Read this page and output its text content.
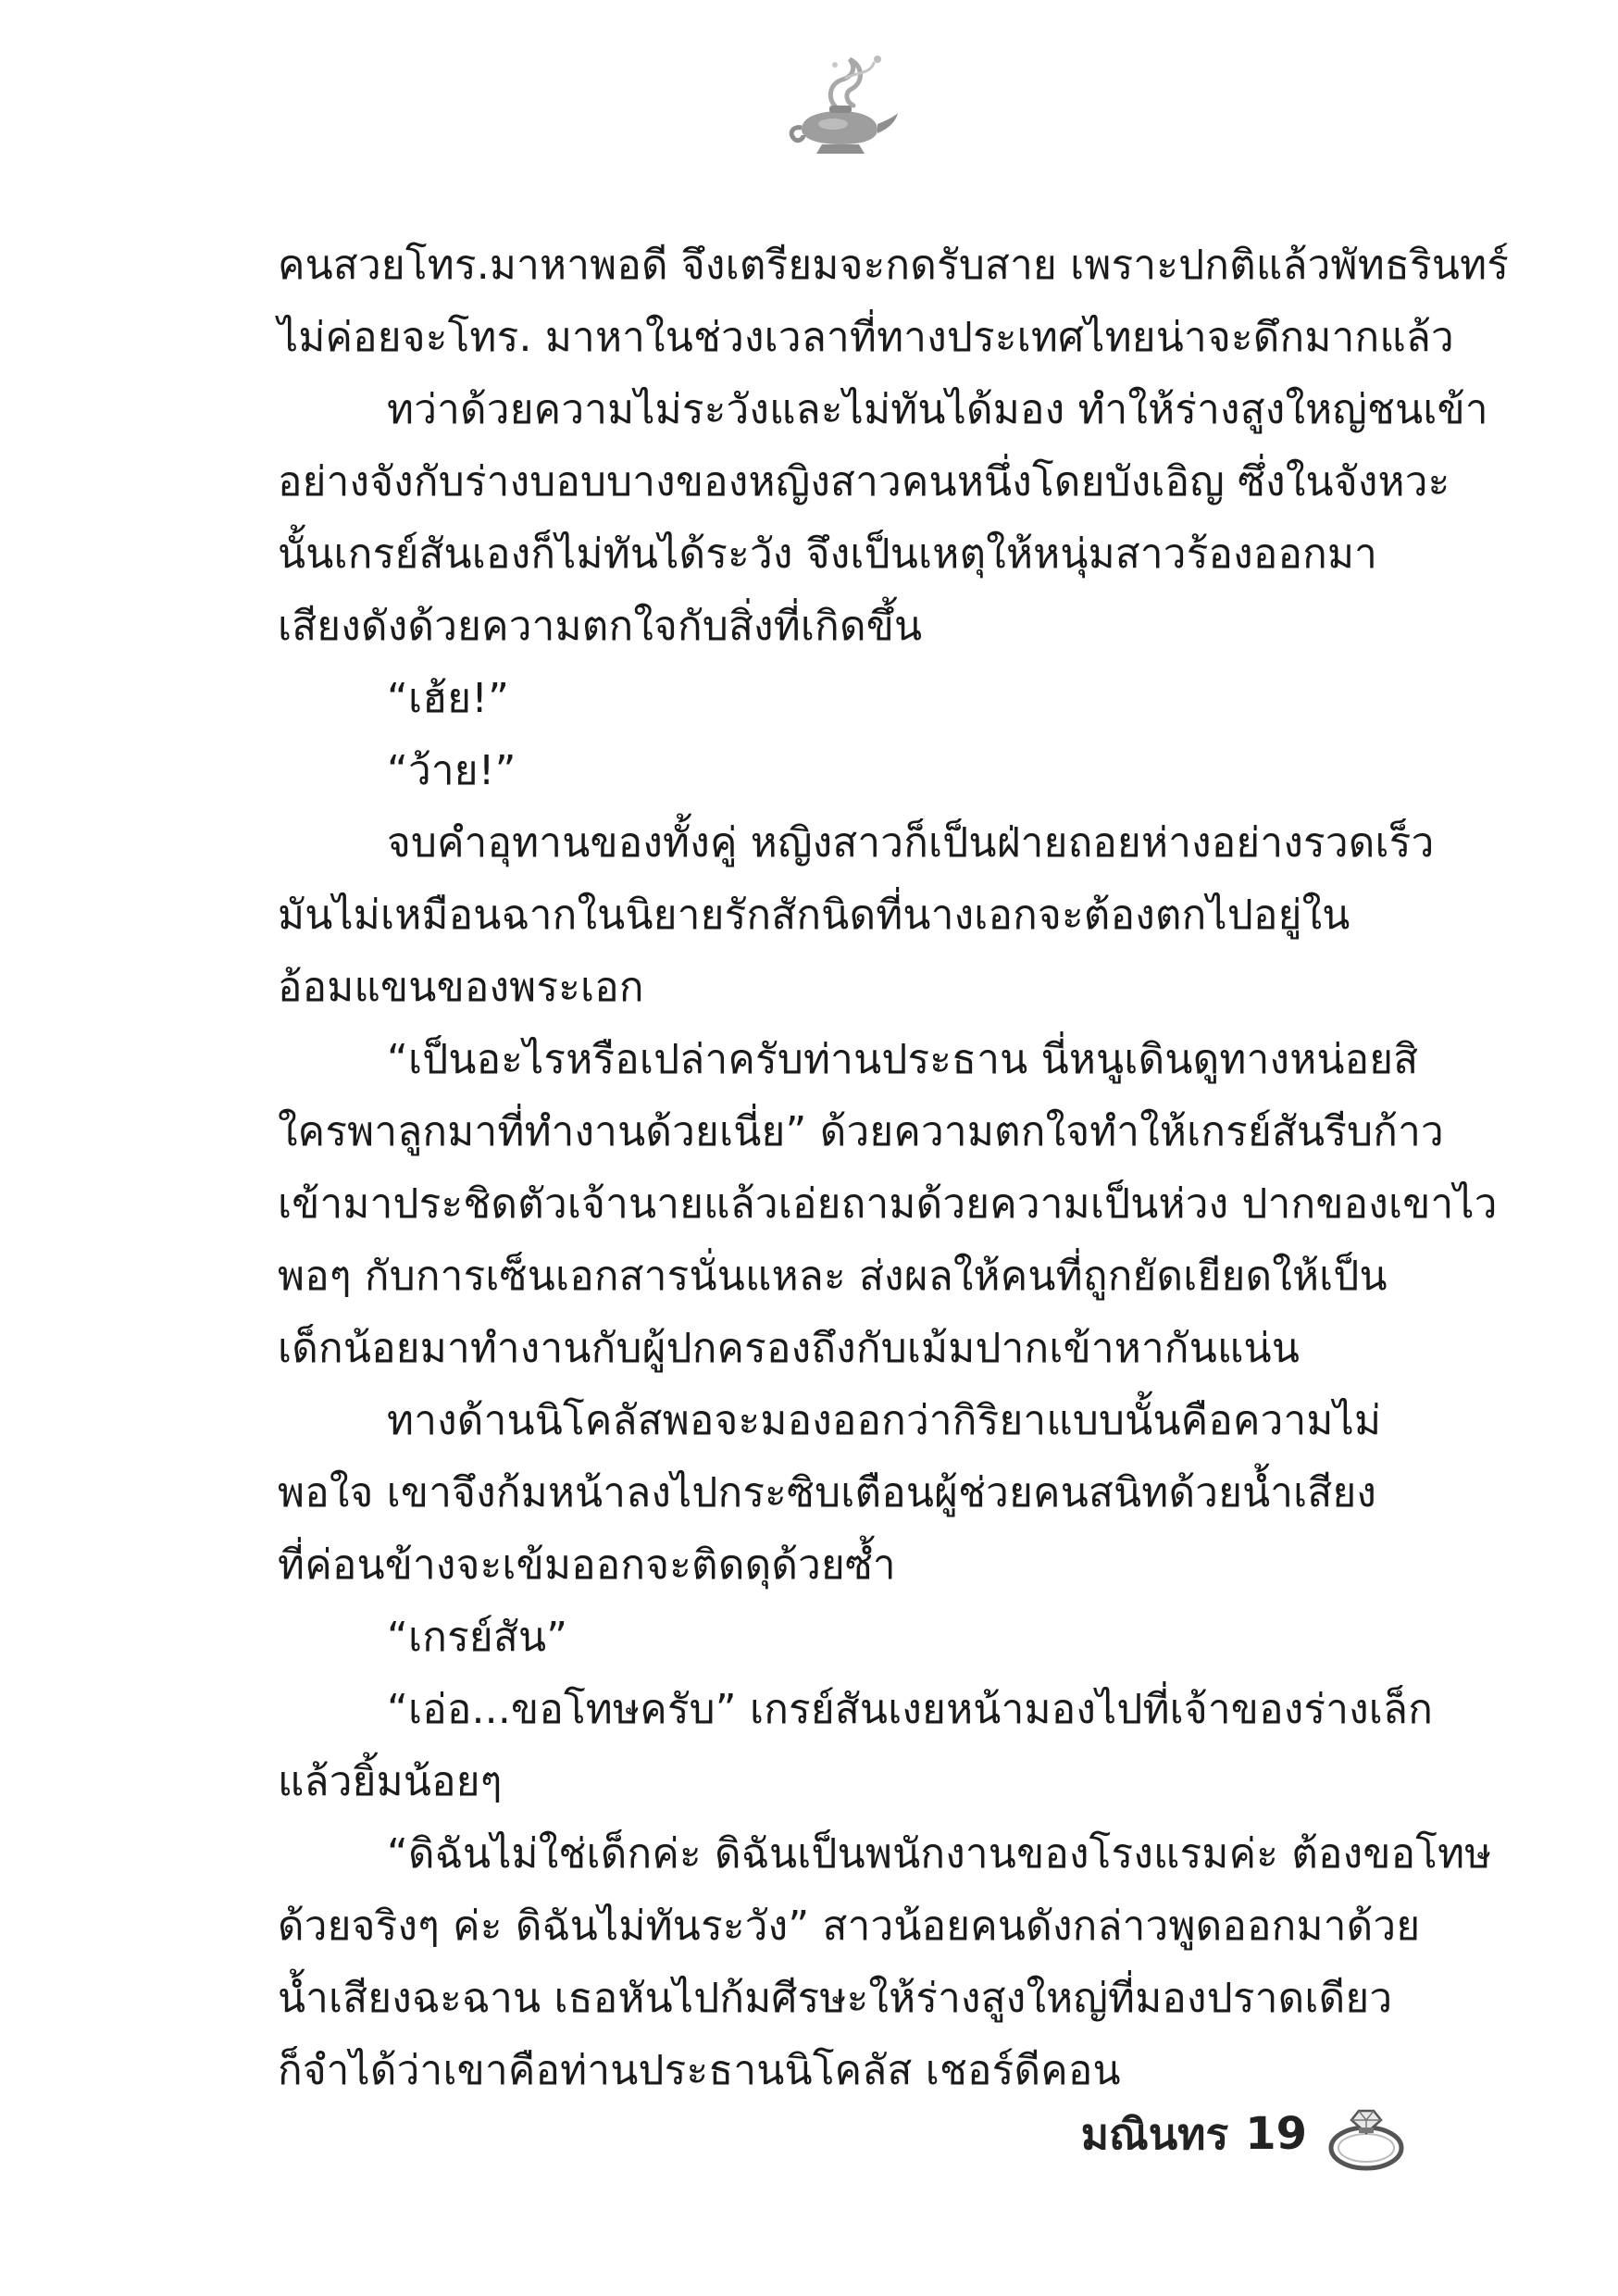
คนสวยโทร.มาหาพอดี จึงเตรียมจะกดรับสาย เพราะปกติแล้วพัทธรินทร์
ไม่ค่อยจะโทร. มาหาในช่วงเวลาที่ทางประเทศไทยน่าจะดึกมากแล้ว
ทว่าด้วยความไม่ระวังและไม่ทันได้มอง ทำให้ร่างสูงใหญ่ชนเข้า
อย่างจังกับร่างบอบบางของหญิงสาวคนหนึ่งโดยบังเอิญ ซึ่งในจังหวะ
นั้นเกรย์สันเองก็ไม่ทันได้ระวัง จึงเป็นเหตุให้หนุ่มสาวร้องออกมา
เสียงดังด้วยความตกใจกับสิ่งที่เกิดขึ้น
“เฮ้ย!”
“ว้าย!”
จบคำอุทานของทั้งคู่ หญิงสาวก็เป็นฝ่ายถอยห่างอย่างรวดเร็ว
มันไม่เหมือนฉากในนิยายรักสักนิดที่นางเอกจะต้องตกไปอยู่ใน
อ้อมแขนของพระเอก
“เป็นอะไรหรือเปล่าครับท่านประธาน นี่หนูเดินดูทางหน่อยสิ
ใครพาลูกมาที่ทำงานด้วยเนี่ย” ด้วยความตกใจทำให้เกรย์สันรีบก้าว
เข้ามาประชิดตัวเจ้านายแล้วเอ่ยถามด้วยความเป็นห่วง ปากของเขาไว
พอๆ กับการเซ็นเอกสารนั่นแหละ ส่งผลให้คนที่ถูกยัดเยียดให้เป็น
เด็กน้อยมาทำงานกับผู้ปกครองถึงกับเม้มปากเข้าหากันแน่น
ทางด้านนิโคลัสพอจะมองออกว่ากิริยาแบบนั้นคือความไม่
พอใจ เขาจึงก้มหน้าลงไปกระซิบเตือนผู้ช่วยคนสนิทด้วยน้ำเสียง
ที่ค่อนข้างจะเข้มออกจะติดดุด้วยซ้ำ
“เกรย์สัน”
“เอ่อ...ขอโทษครับ” เกรย์สันเงยหน้ามองไปที่เจ้าของร่างเล็ก
แล้วยิ้มน้อยๆ
“ดิฉันไม่ใช่เด็กค่ะ ดิฉันเป็นพนักงานของโรงแรมค่ะ ต้องขอโทษ
ด้วยจริงๆ ค่ะ ดิฉันไม่ทันระวัง” สาวน้อยคนดังกล่าวพูดออกมาด้วย
น้ำเสียงฉะฉาน เธอหันไปก้มศีรษะให้ร่างสูงใหญ่ที่มองปราดเดียว
ก็จำได้ว่าเขาคือท่านประธานนิโคลัส เชอร์ดีคอน
มณินทร 19
